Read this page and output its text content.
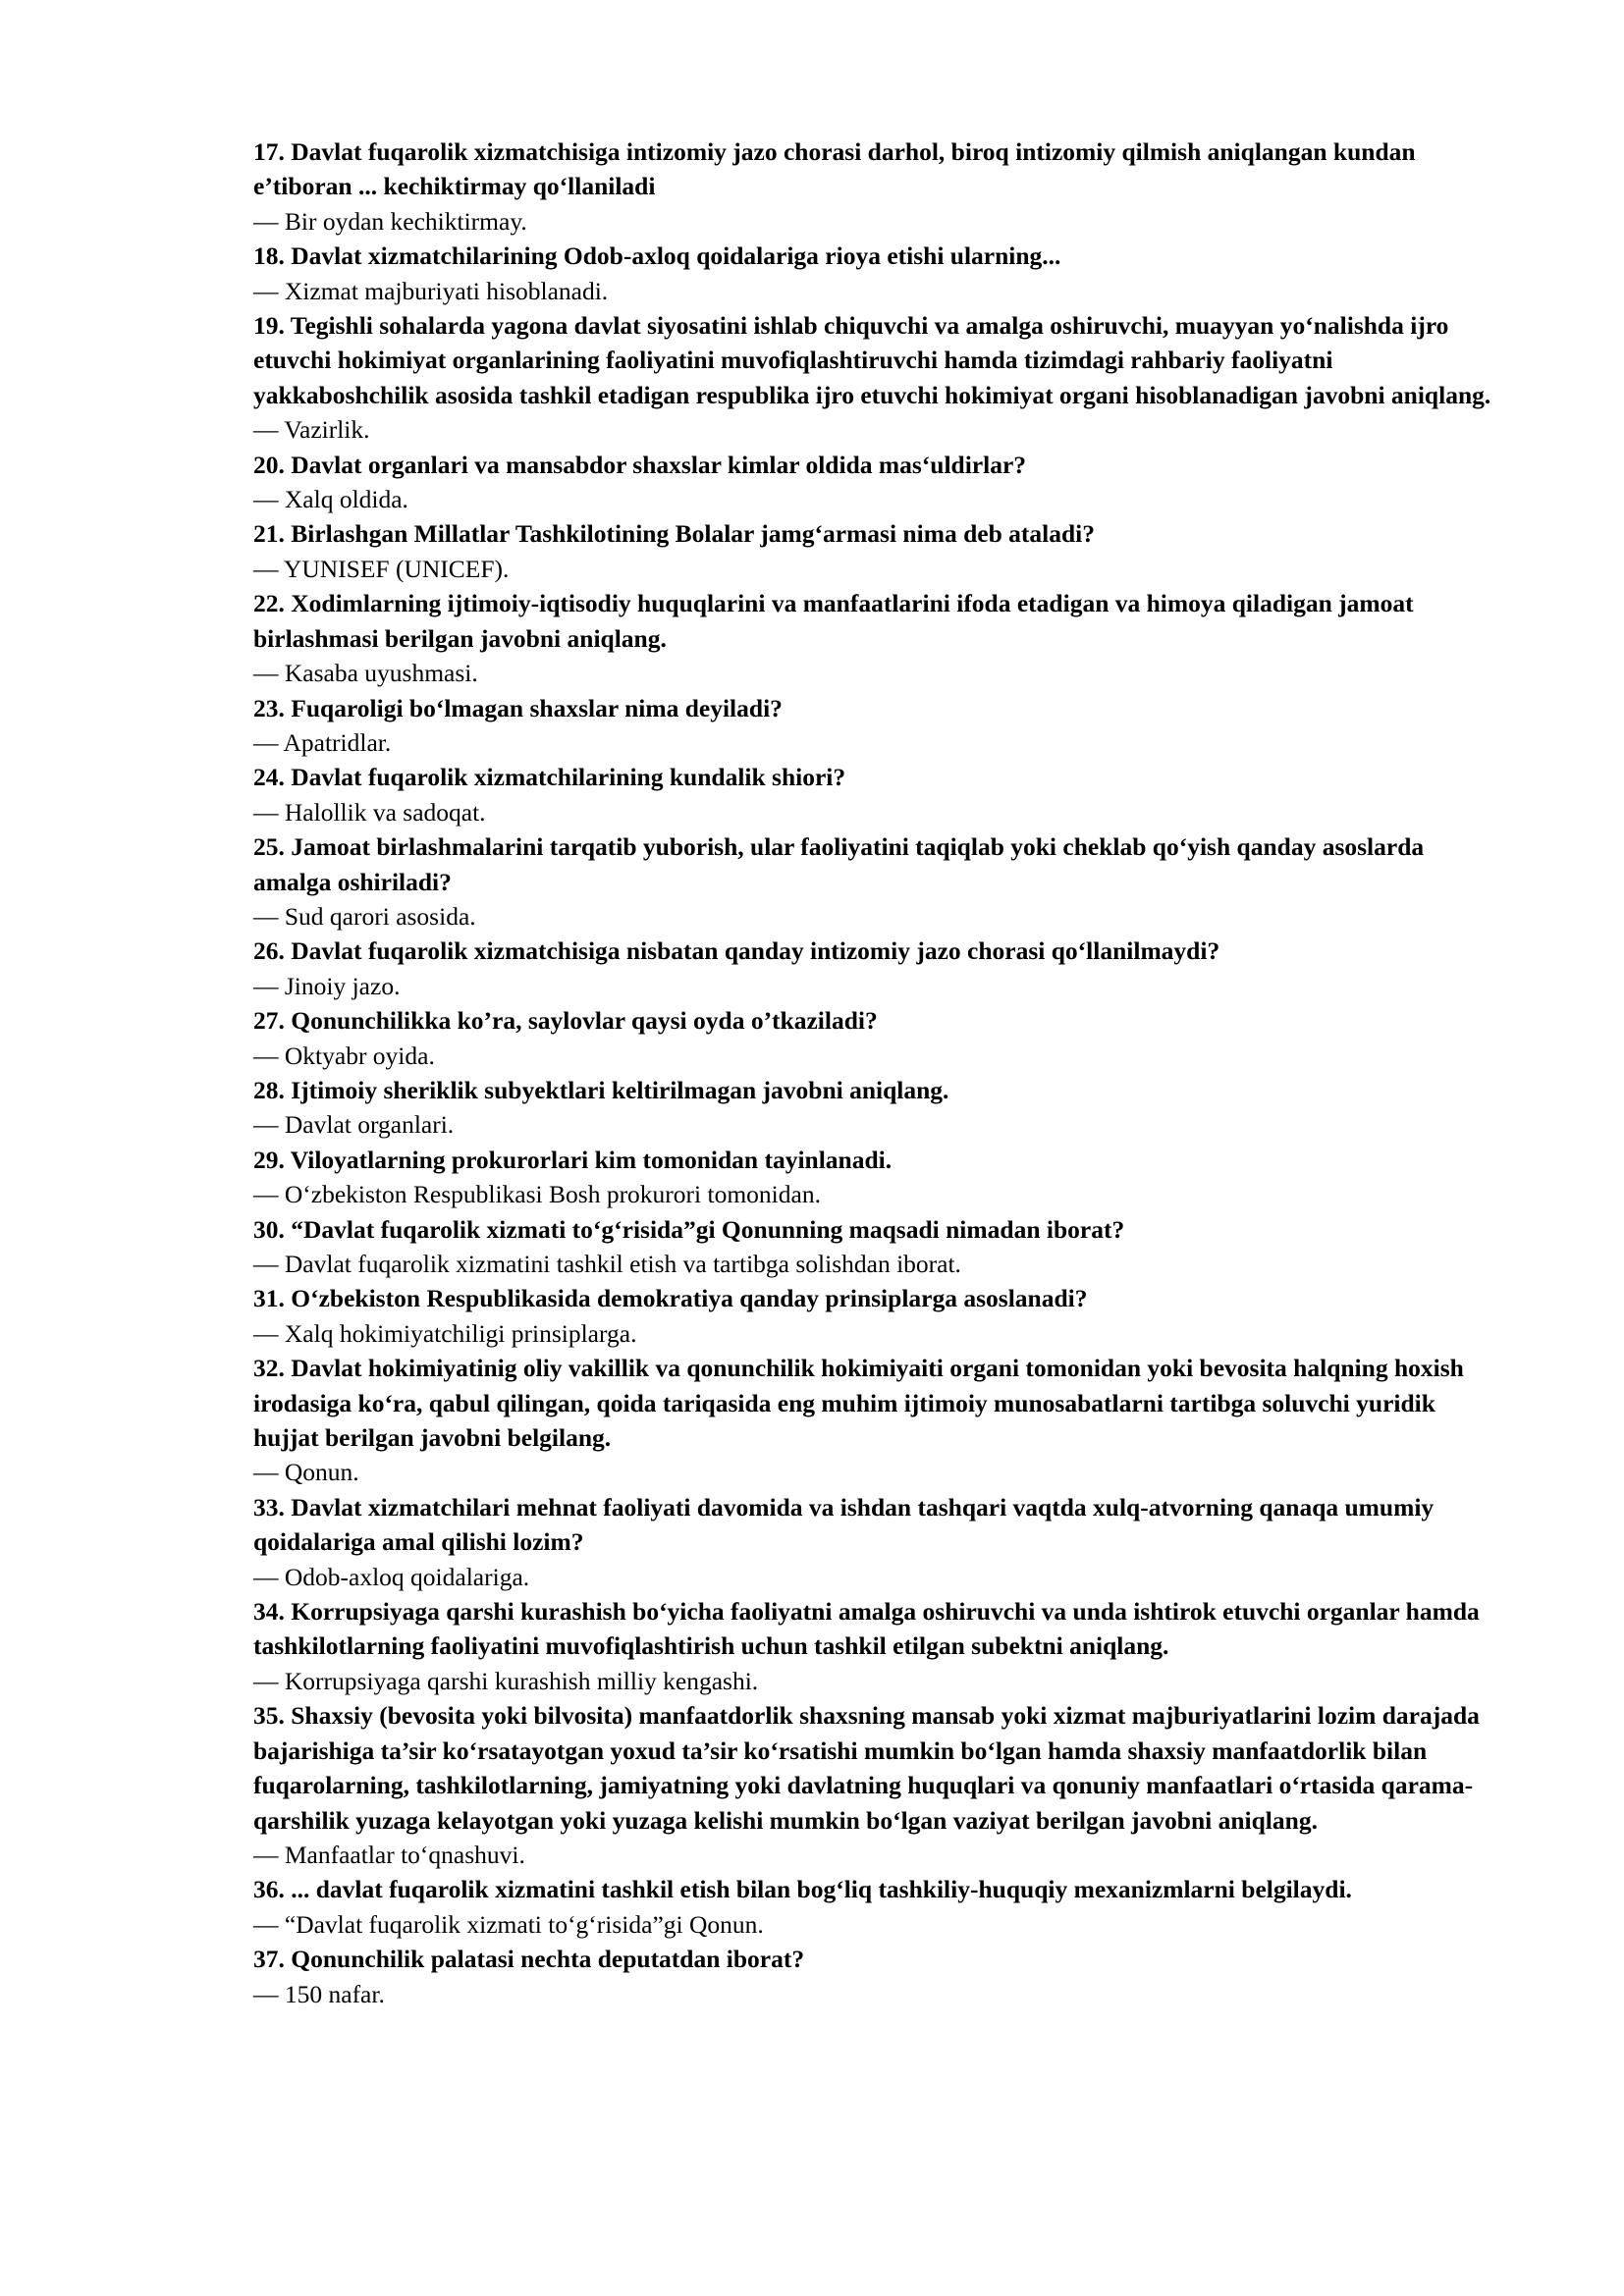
17. Davlat fuqarolik xizmatchisiga intizomiy jazo chorasi darhol, biroq intizomiy qilmish aniqlangan kundan e’tiboran ... kechiktirmay qo‘llaniladi

— Bir oydan kechiktirmay.

18. Davlat xizmatchilarining Odob-axloq qoidalariga rioya etishi ularning...

— Xizmat majburiyati hisoblanadi.

19. Tegishli sohalarda yagona davlat siyosatini ishlab chiquvchi va amalga oshiruvchi, muayyan yo‘nalishda ijro etuvchi hokimiyat organlarining faoliyatini muvofiqlashtiruvchi hamda tizimdagi rahbariy faoliyatni yakkaboshchilik asosida tashkil etadigan respublika ijro etuvchi hokimiyat organi hisoblanadigan javobni aniqlang.

— Vazirlik.

20. Davlat organlari va mansabdor shaxslar kimlar oldida mas‘uldirlar?

— Xalq oldida.

21. Birlashgan Millatlar Tashkilotining Bolalar jamg‘armasi nima deb ataladi?

— YUNISEF (UNICEF).

22. Xodimlarning ijtimoiy-iqtisodiy huquqlarini va manfaatlarini ifoda etadigan va himoya qiladigan jamoat birlashmasi berilgan javobni aniqlang.

— Kasaba uyushmasi.

23. Fuqaroligi bo‘lmagan shaxslar nima deyiladi?

— Apatridlar.

24. Davlat fuqarolik xizmatchilarining kundalik shiori?

— Halollik va sadoqat.

25. Jamoat birlashmalarini tarqatib yuborish, ular faoliyatini taqiqlab yoki cheklab qo‘yish qanday asoslarda amalga oshiriladi?

— Sud qarori asosida.

26. Davlat fuqarolik xizmatchisiga nisbatan qanday intizomiy jazo chorasi qo‘llanilmaydi?

— Jinoiy jazo.

27. Qonunchilikka ko’ra, saylovlar qaysi oyda o’tkaziladi?

— Oktyabr oyida.

28. Ijtimoiy sheriklik subyektlari keltirilmagan javobni aniqlang.

— Davlat organlari.

29. Viloyatlarning prokurorlari kim tomonidan tayinlanadi.

— O‘zbekiston Respublikasi Bosh prokurori tomonidan.

30. “Davlat fuqarolik xizmati to‘g‘risida”gi Qonunning maqsadi nimadan iborat?

— Davlat fuqarolik xizmatini tashkil etish va tartibga solishdan iborat.

31. O‘zbekiston Respublikasida demokratiya qanday prinsiplarga asoslanadi?

— Xalq hokimiyatchiligi prinsiplarga.

32. Davlat hokimiyatinig oliy vakillik va qonunchilik hokimiyaiti organi tomonidan yoki bevosita halqning hoxish irodasiga ko‘ra, qabul qilingan, qoida tariqasida eng muhim ijtimoiy munosabatlarni tartibga soluvchi yuridik hujjat berilgan javobni belgilang.

— Qonun.

33. Davlat xizmatchilari mehnat faoliyati davomida va ishdan tashqari vaqtda xulq-atvorning qanaqa umumiy qoidalariga amal qilishi lozim?

— Odob-axloq qoidalariga.

34. Korrupsiyaga qarshi kurashish bo‘yicha faoliyatni amalga oshiruvchi va unda ishtirok etuvchi organlar hamda tashkilotlarning faoliyatini muvofiqlashtirish uchun tashkil etilgan subektni aniqlang.

— Korrupsiyaga qarshi kurashish milliy kengashi.

35. Shaxsiy (bevosita yoki bilvosita) manfaatdorlik shaxsning mansab yoki xizmat majburiyatlarini lozim darajada bajarishiga ta’sir ko‘rsatayotgan yoxud ta’sir ko‘rsatishi mumkin bo‘lgan hamda shaxsiy manfaatdorlik bilan fuqarolarning, tashkilotlarning, jamiyatning yoki davlatning huquqlari va qonuniy manfaatlari o‘rtasida qarama-qarshilik yuzaga kelayotgan yoki yuzaga kelishi mumkin bo‘lgan vaziyat berilgan javobni aniqlang.

— Manfaatlar to‘qnashuvi.

36. ... davlat fuqarolik xizmatini tashkil etish bilan bog‘liq tashkiliy-huquqiy mexanizmlarni belgilaydi.

— “Davlat fuqarolik xizmati to‘g‘risida”gi Qonun.

37. Qonunchilik palatasi nechta deputatdan iborat?

— 150 nafar.
